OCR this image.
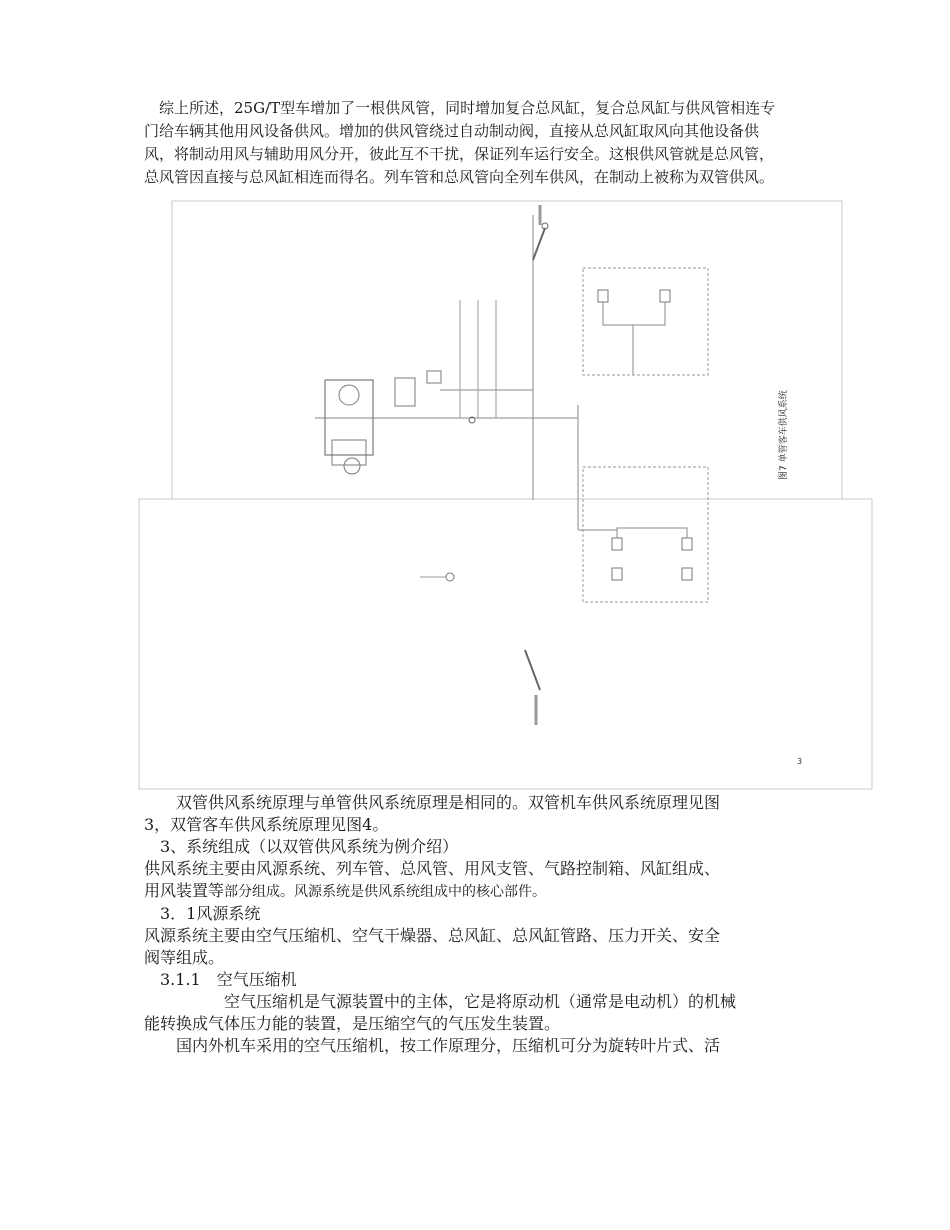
　综上所述，25G/T型车增加了一根供风管，同时增加复合总风缸，复合总风缸与供风管相连专
门给车辆其他用风设备供风。增加的供风管绕过自动制动阀，直接从总风缸取风向其他设备供
风，将制动用风与辅助用风分开，彼此互不干扰，保证列车运行安全。这根供风管就是总风管，
总风管因直接与总风缸相连而得名。列车管和总风管向全列车供风，在制动上被称为双管供风。
图7 单管客车供风系统
3
　　双管供风系统原理与单管供风系统原理是相同的。双管机车供风系统原理见图
3，双管客车供风系统原理见图4。
　3、系统组成（以双管供风系统为例介绍）
供风系统主要由风源系统、列车管、总风管、用风支管、气路控制箱、风缸组成、
用风装置等部分组成。风源系统是供风系统组成中的核心部件。
　3．1风源系统
风源系统主要由空气压缩机、空气干燥器、总风缸、总风缸管路、压力开关、安全
阀等组成。
　3.1.1　空气压缩机
　　　　　空气压缩机是气源装置中的主体，它是将原动机（通常是电动机）的机械
能转换成气体压力能的装置，是压缩空气的气压发生装置。
　　国内外机车采用的空气压缩机，按工作原理分，压缩机可分为旋转叶片式、活
